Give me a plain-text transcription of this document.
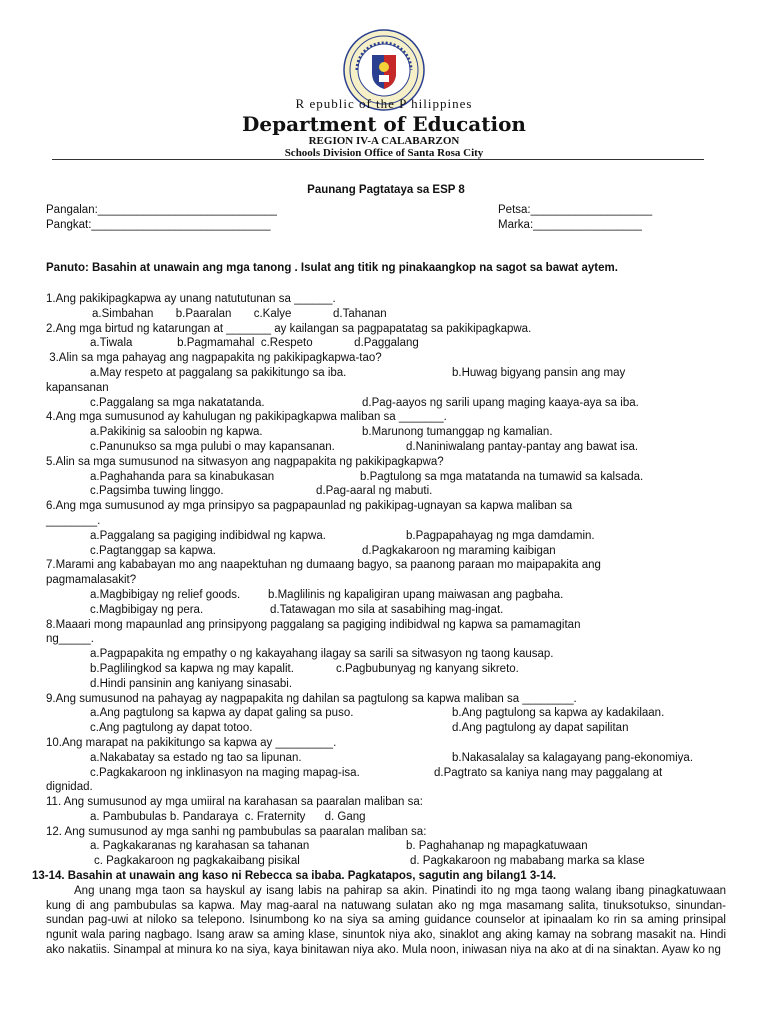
R epublic of the P hilippines
Department of Education
REGION IV-A CALABARZON
Schools Division Office of Santa Rosa City
Paunang Pagtataya sa ESP 8
Pangalan:____________________________	Petsa:___________________
Pangkat:____________________________	Marka:_________________
Panuto: Basahin at unawain ang mga tanong . Isulat ang titik ng pinakaangkop na sagot sa bawat aytem.
1.Ang pakikipagkapwa ay unang natututunan sa ______.
a.Simbahan       b.Paaralan       c.Kalye             d.Tahanan
2.Ang mga birtud ng katarungan at _______ ay kailangan sa pagpapatatag sa pakikipagkapwa.
a.Tiwala              b.Pagmamahal  c.Respeto             d.Paggalang
3.Alin sa mga pahayag ang nagpapakita ng pakikipagkapwa-tao?
a.May respeto at paggalang sa pakikitungo sa iba.	b.Huwag bigyang pansin ang may
kapansanan
c.Paggalang sa mga nakatatanda.	d.Pag-aayos ng sarili upang maging kaaya-aya sa iba.
4.Ang mga sumusunod ay kahulugan ng pakikipagkapwa maliban sa _______.
a.Pakikinig sa saloobin ng kapwa.	b.Marunong tumanggap ng kamalian.
c.Panunukso sa mga pulubi o may kapansanan.	d.Naniniwalang pantay-pantay ang bawat isa.
5.Alin sa mga sumusunod na sitwasyon ang nagpapakita ng pakikipagkapwa?
a.Paghahanda para sa kinabukasan	b.Pagtulong sa mga matatanda na tumawid sa kalsada.
c.Pagsimba tuwing linggo.	d.Pag-aaral ng mabuti.
6.Ang mga sumusunod ay mga prinsipyo sa pagpapaunlad ng pakikipag-ugnayan sa kapwa maliban sa
________.
a.Paggalang sa pagiging indibidwal ng kapwa.	b.Pagpapahayag ng mga damdamin.
c.Pagtanggap sa kapwa.	d.Pagkakaroon ng maraming kaibigan
7.Marami ang kababayan mo ang naapektuhan ng dumaang bagyo, sa paanong paraan mo maipapakita ang
pagmamalasakit?
a.Magbibigay ng relief goods.	b.Maglilinis ng kapaligiran upang maiwasan ang pagbaha.
c.Magbibigay ng pera.	d.Tatawagan mo sila at sasabihing mag-ingat.
8.Maaari mong mapaunlad ang prinsipyong paggalang sa pagiging indibidwal ng kapwa sa pamamagitan
ng_____.
a.Pagpapakita ng empathy o ng kakayahang ilagay sa sarili sa sitwasyon ng taong kausap.
b.Paglilingkod sa kapwa ng may kapalit.	c.Pagbubunyag ng kanyang sikreto.
d.Hindi pansinin ang kaniyang sinasabi.
9.Ang sumusunod na pahayag ay nagpapakita ng dahilan sa pagtulong sa kapwa maliban sa ________.
a.Ang pagtulong sa kapwa ay dapat galing sa puso.	b.Ang pagtulong sa kapwa ay kadakilaan.
c.Ang pagtulong ay dapat totoo.	d.Ang pagtulong ay dapat sapilitan
10.Ang marapat na pakikitungo sa kapwa ay _________.
a.Nakabatay sa estado ng tao sa lipunan.	b.Nakasalalay sa kalagayang pang-ekonomiya.
c.Pagkakaroon ng inklinasyon na maging mapag-isa.	d.Pagtrato sa kaniya nang may paggalang at
dignidad.
11. Ang sumusunod ay mga umiiral na karahasan sa paaralan maliban sa:
a. Pambubulas b. Pandaraya  c. Fraternity      d. Gang
12. Ang sumusunod ay mga sanhi ng pambubulas sa paaralan maliban sa:
a. Pagkakaranas ng karahasan sa tahanan	b. Paghahanap ng mapagkatuwaan
c. Pagkakaroon ng pagkakaibang pisikal	d. Pagkakaroon ng mababang marka sa klase
13-14. Basahin at unawain ang kaso ni Rebecca sa ibaba. Pagkatapos, sagutin ang bilang1 3-14.
Ang unang mga taon sa hayskul ay isang labis na pahirap sa akin. Pinatindi ito ng mga taong walang ibang pinagkatuwaan kung di ang pambubulas sa kapwa. May mag-aaral na natuwang sulatan ako ng mga masamang salita, tinuksotukso, sinundan-sundan pag-uwi at niloko sa telepono. Isinumbong ko na siya sa aming guidance counselor at ipinaalam ko rin sa aming prinsipal ngunit wala paring nagbago. Isang araw sa aming klase, sinuntok niya ako, sinaklot ang aking kamay na sobrang masakit na. Hindi ako nakatiis. Sinampal at minura ko na siya, kaya binitawan niya ako. Mula noon, iniwasan niya na ako at di na sinaktan. Ayaw ko ng
